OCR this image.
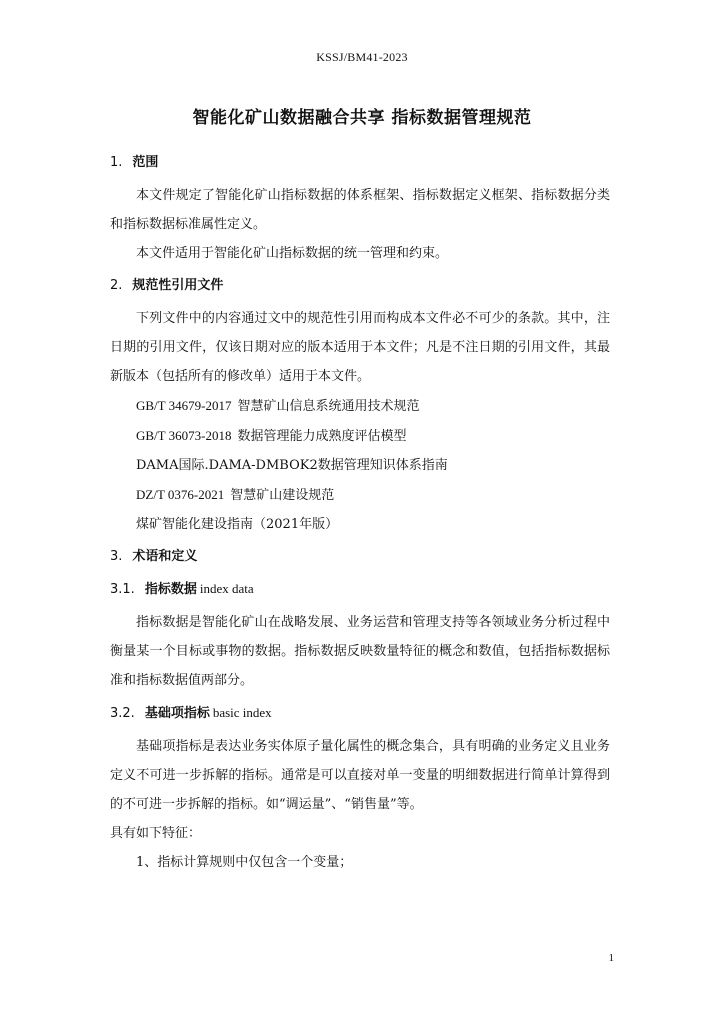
KSSJ/BM41-2023
智能化矿山数据融合共享 指标数据管理规范
1. 范围

本文件规定了智能化矿山指标数据的体系框架、指标数据定义框架、指标数据分类和指标数据标准属性定义。

本文件适用于智能化矿山指标数据的统一管理和约束。

2. 规范性引用文件

下列文件中的内容通过文中的规范性引用而构成本文件必不可少的条款。其中，注日期的引用文件，仅该日期对应的版本适用于本文件；凡是不注日期的引用文件，其最新版本（包括所有的修改单）适用于本文件。

GB/T 34679-2017 智慧矿山信息系统通用技术规范

GB/T 36073-2018 数据管理能力成熟度评估模型

DAMA国际.DAMA-DMBOK2数据管理知识体系指南

DZ/T 0376-2021 智慧矿山建设规范

煤矿智能化建设指南（2021年版）

3. 术语和定义
3.1. 指标数据 index data

指标数据是智能化矿山在战略发展、业务运营和管理支持等各领域业务分析过程中衡量某一个目标或事物的数据。指标数据反映数量特征的概念和数值，包括指标数据标准和指标数据值两部分。

3.2. 基础项指标 basic index

基础项指标是表达业务实体原子量化属性的概念集合，具有明确的业务定义且业务定义不可进一步拆解的指标。通常是可以直接对单一变量的明细数据进行简单计算得到的不可进一步拆解的指标。如“调运量”、“销售量”等。

具有如下特征：

1、指标计算规则中仅包含一个变量；

1
